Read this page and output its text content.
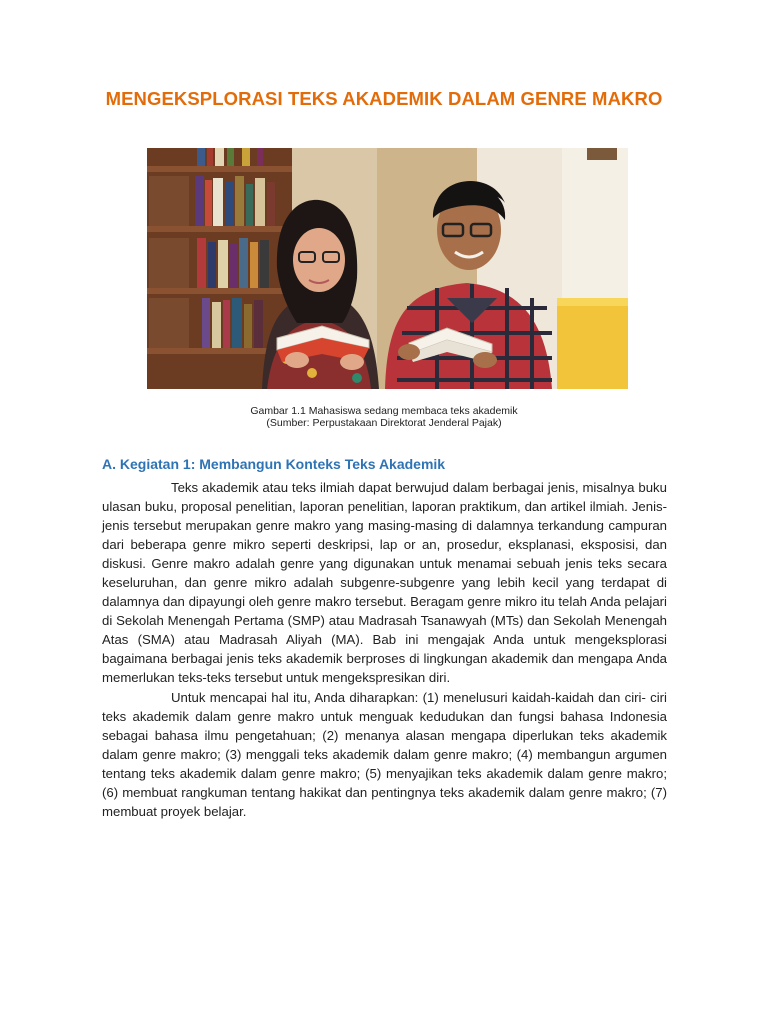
MENGEKSPLORASI TEKS AKADEMIK DALAM GENRE MAKRO
Gambar 1.1 Mahasiswa sedang membaca teks akademik
(Sumber: Perpustakaan Direktorat Jenderal Pajak)
A. Kegiatan 1: Membangun Konteks Teks Akademik

Teks akademik atau teks ilmiah dapat berwujud dalam berbagai jenis, misalnya buku ulasan buku, proposal penelitian, laporan penelitian, laporan praktikum, dan artikel ilmiah. Jenis-jenis tersebut merupakan genre makro yang masing-masing di dalamnya terkandung campuran dari beberapa genre mikro seperti deskripsi, lap or an, prosedur, eksplanasi, eksposisi, dan diskusi. Genre makro adalah genre yang digunakan untuk menamai sebuah jenis teks secara keseluruhan, dan genre mikro adalah subgenre-subgenre yang lebih kecil yang terdapat di dalamnya dan dipayungi oleh genre makro tersebut. Beragam genre mikro itu telah Anda pelajari di Sekolah Menengah Pertama (SMP) atau Madrasah Tsanawyah (MTs) dan Sekolah Menengah Atas (SMA) atau Madrasah Aliyah (MA). Bab ini mengajak Anda untuk mengeksplorasi bagaimana berbagai jenis teks akademik berproses di lingkungan akademik dan mengapa Anda memerlukan teks-teks tersebut untuk mengekspresikan diri.

Untuk mencapai hal itu, Anda diharapkan: (1) menelusuri kaidah-kaidah dan ciri- ciri teks akademik dalam genre makro untuk menguak kedudukan dan fungsi bahasa Indonesia sebagai bahasa ilmu pengetahuan; (2) menanya alasan mengapa diperlukan teks akademik dalam genre makro; (3) menggali teks akademik dalam genre makro; (4) membangun argumen tentang teks akademik dalam genre makro; (5) menyajikan teks akademik dalam genre makro; (6) membuat rangkuman tentang hakikat dan pentingnya teks akademik dalam genre makro; (7) membuat proyek belajar.
